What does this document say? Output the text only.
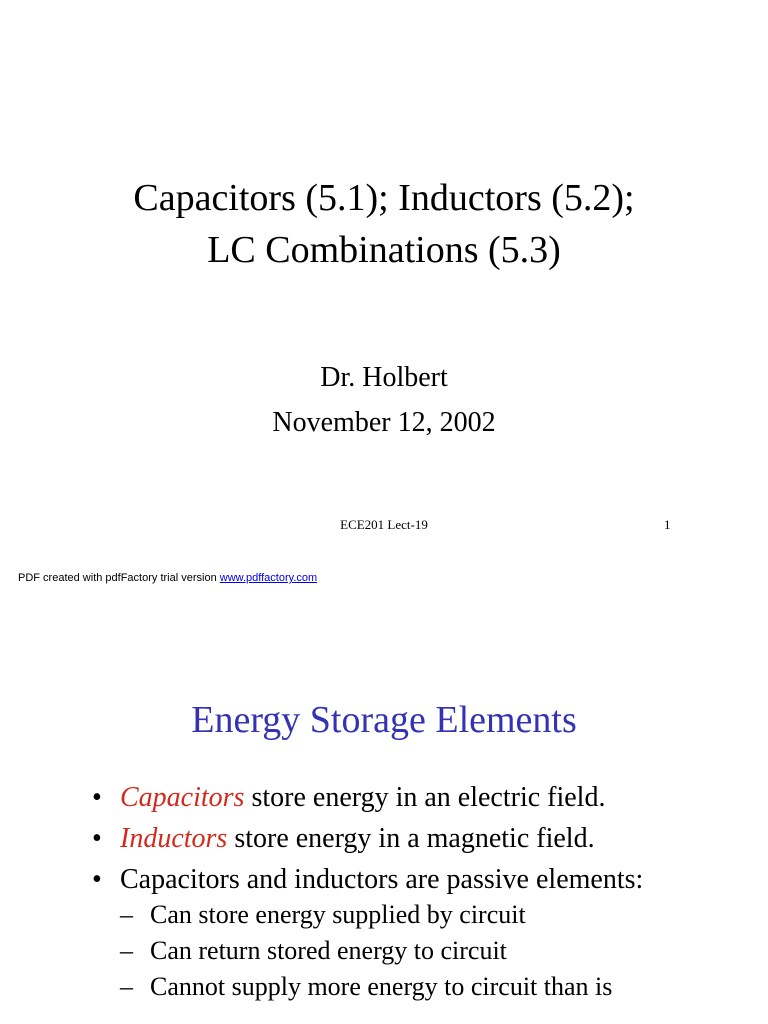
Capacitors (5.1); Inductors (5.2);
LC Combinations (5.3)
Dr. Holbert
November 12, 2002
ECE201 Lect-19	1
PDF created with pdfFactory trial version www.pdffactory.com
Energy Storage Elements
• Capacitors store energy in an electric field.
• Inductors store energy in a magnetic field.
• Capacitors and inductors are passive elements:
– Can store energy supplied by circuit
– Can return stored energy to circuit
– Cannot supply more energy to circuit than is
